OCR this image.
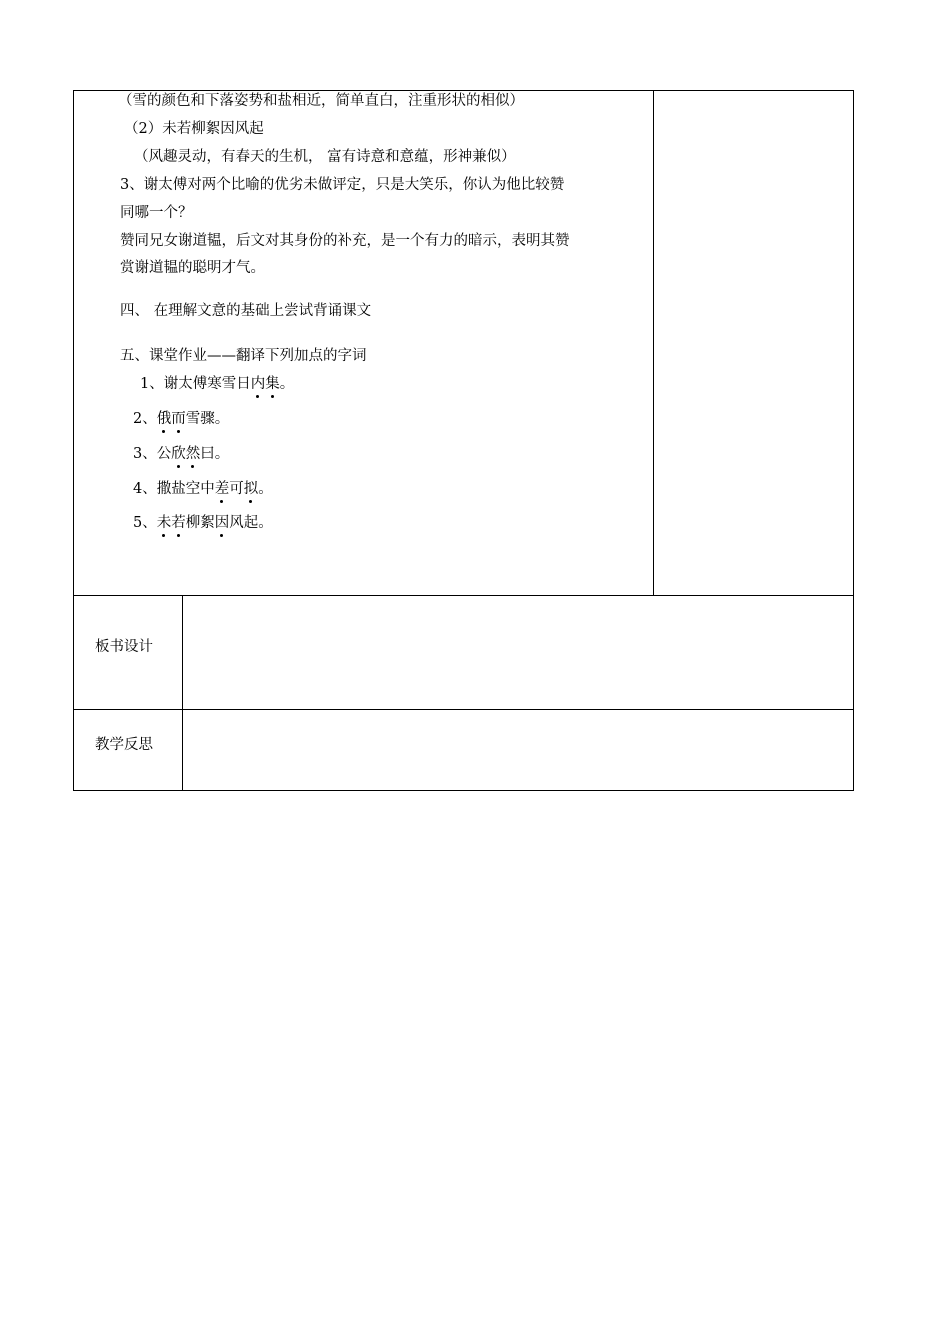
（雪的颜色和下落姿势和盐相近，简单直白，注重形状的相似）
（2）未若柳絮因风起
（风趣灵动，有春天的生机， 富有诗意和意蕴，形神兼似）
3、谢太傅对两个比喻的优劣未做评定，只是大笑乐，你认为他比较赞
同哪一个？
赞同兄女谢道韫，后文对其身份的补充，是一个有力的暗示，表明其赞
赏谢道韫的聪明才气。
四、 在理解文意的基础上尝试背诵课文
五、课堂作业——翻译下列加点的字词
1、谢太傅寒雪日内集。
2、俄而雪骤。
3、公欣然曰。
4、撒盐空中差可拟。
5、未若柳絮因风起。
板书设计
教学反思
